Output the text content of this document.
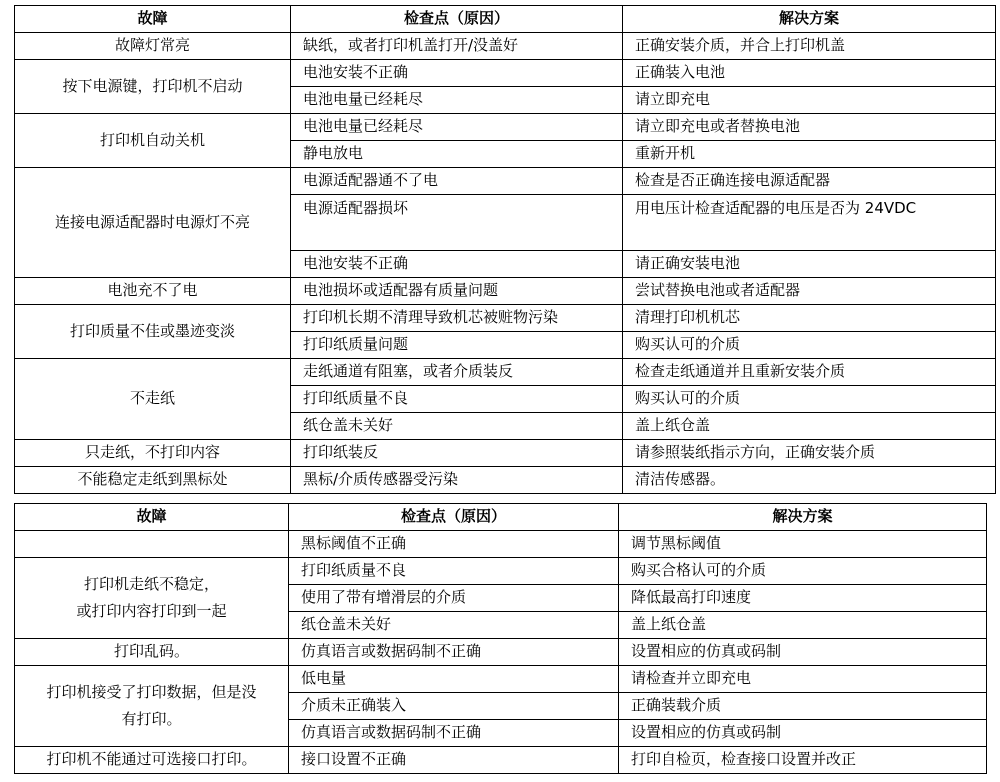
故障	检查点（原因）	解决方案
故障灯常亮	缺纸，或者打印机盖打开/没盖好	正确安装介质，并合上打印机盖
按下电源键，打印机不启动	电池安装不正确	正确装入电池
	电池电量已经耗尽	请立即充电
打印机自动关机	电池电量已经耗尽	请立即充电或者替换电池
	静电放电	重新开机
连接电源适配器时电源灯不亮	电源适配器通不了电	检查是否正确连接电源适配器
	电源适配器损坏	用电压计检查适配器的电压是否为 24VDC
	电池安装不正确	请正确安装电池
电池充不了电	电池损坏或适配器有质量问题	尝试替换电池或者适配器
打印质量不佳或墨迹变淡	打印机长期不清理导致机芯被赃物污染	清理打印机机芯
	打印纸质量问题	购买认可的介质
不走纸	走纸通道有阻塞，或者介质装反	检查走纸通道并且重新安装介质
	打印纸质量不良	购买认可的介质
	纸仓盖未关好	盖上纸仓盖
只走纸，不打印内容	打印纸装反	请参照装纸指示方向，正确安装介质
不能稳定走纸到黑标处	黑标/介质传感器受污染	清洁传感器。
故障	检查点（原因）	解决方案
	黑标阈值不正确	调节黑标阈值
打印机走纸不稳定，
或打印内容打印到一起	打印纸质量不良	购买合格认可的介质
	使用了带有增滑层的介质	降低最高打印速度
	纸仓盖未关好	盖上纸仓盖
打印乱码。	仿真语言或数据码制不正确	设置相应的仿真或码制
打印机接受了打印数据，但是没
有打印。	低电量	请检查并立即充电
	介质未正确装入	正确装载介质
	仿真语言或数据码制不正确	设置相应的仿真或码制
打印机不能通过可选接口打印。	接口设置不正确	打印自检页，检查接口设置并改正
